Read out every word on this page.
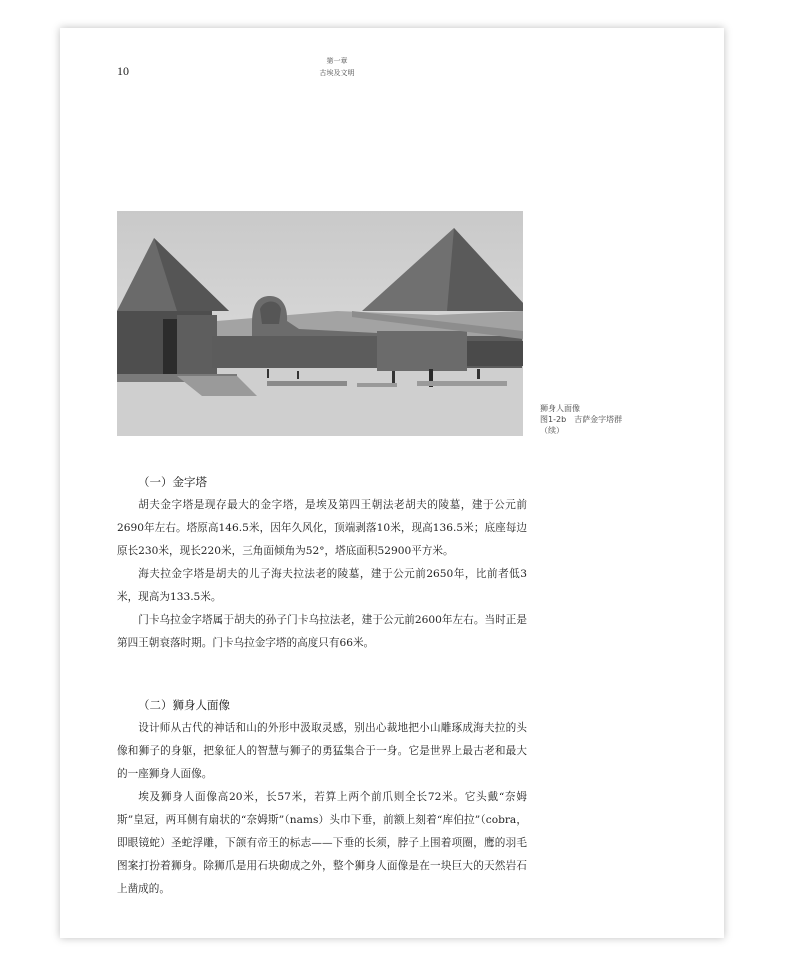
10
第一章
古埃及文明
狮身人面像
图1-2b　吉萨金字塔群
（续）
（一）金字塔

胡夫金字塔是现存最大的金字塔，是埃及第四王朝法老胡夫的陵墓，建于公元前2690年左右。塔原高146.5米，因年久风化，顶端剥落10米，现高136.5米；底座每边原长230米，现长220米，三角面倾角为52°，塔底面积52900平方米。

海夫拉金字塔是胡夫的儿子海夫拉法老的陵墓，建于公元前2650年，比前者低3米，现高为133.5米。

门卡乌拉金字塔属于胡夫的孙子门卡乌拉法老，建于公元前2600年左右。当时正是第四王朝衰落时期。门卡乌拉金字塔的高度只有66米。

（二）狮身人面像

设计师从古代的神话和山的外形中汲取灵感，别出心裁地把小山雕琢成海夫拉的头像和狮子的身躯，把象征人的智慧与狮子的勇猛集合于一身。它是世界上最古老和最大的一座狮身人面像。

埃及狮身人面像高20米，长57米，若算上两个前爪则全长72米。它头戴“奈姆斯”皇冠，两耳侧有扇状的“奈姆斯”（nams）头巾下垂，前额上刻着“库伯拉”（cobra，即眼镜蛇）圣蛇浮雕，下颌有帝王的标志——下垂的长须，脖子上围着项圈，鹰的羽毛图案打扮着狮身。除狮爪是用石块砌成之外，整个狮身人面像是在一块巨大的天然岩石上凿成的。
